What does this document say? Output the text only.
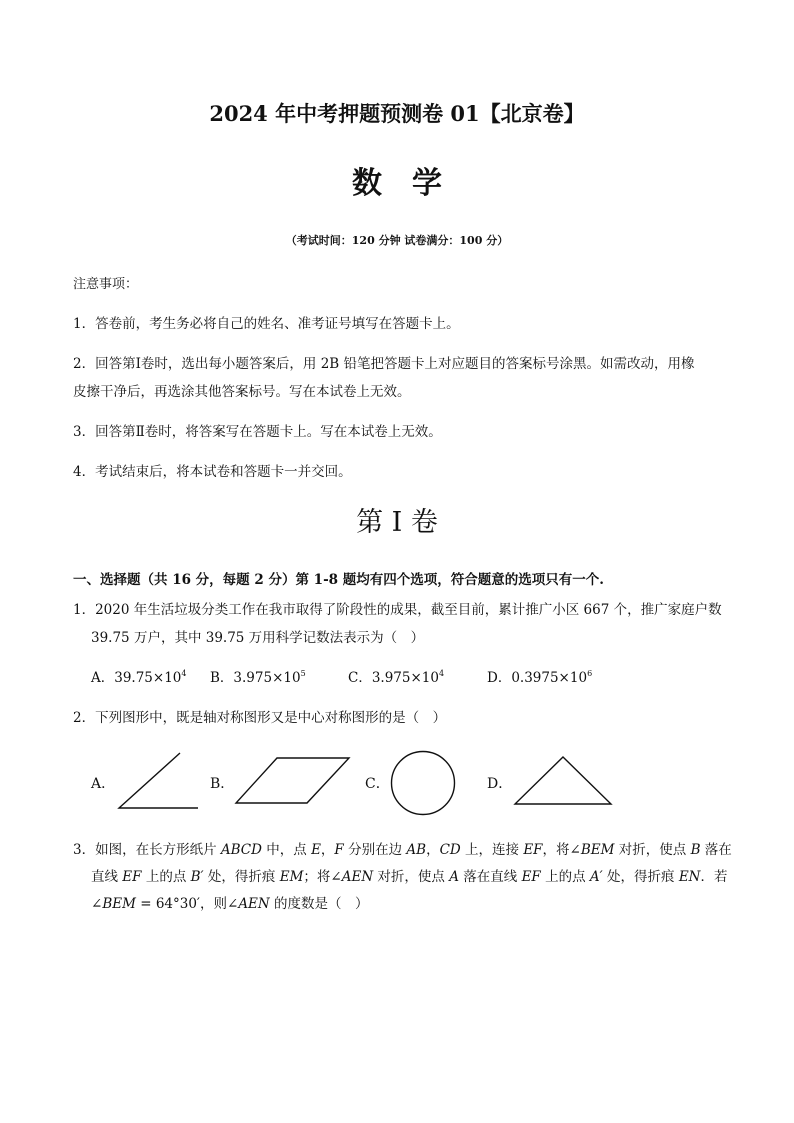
2024 年中考押题预测卷 01【北京卷】
数学
（考试时间：120 分钟 试卷满分：100 分）
注意事项：
1．答卷前，考生务必将自己的姓名、准考证号填写在答题卡上。
2．回答第Ⅰ卷时，选出每小题答案后，用 2B 铅笔把答题卡上对应题目的答案标号涂黑。如需改动，用橡
皮擦干净后，再选涂其他答案标号。写在本试卷上无效。
3．回答第Ⅱ卷时，将答案写在答题卡上。写在本试卷上无效。
4．考试结束后，将本试卷和答题卡一并交回。
第 I 卷
一、选择题（共 16 分，每题 2 分）第 1-8 题均有四个选项，符合题意的选项只有一个.
1．2020 年生活垃圾分类工作在我市取得了阶段性的成果，截至目前，累计推广小区 667 个，推广家庭户数
39.75 万户，其中 39.75 万用科学记数法表示为（　）
A．$39.75\times 10^4$ B．$3.975\times 10^5$	C．$3.975\times 10^4$	D．$0.3975\times 10^6$
2．下列图形中，既是轴对称图形又是中心对称图形的是（　）
A．	B．	C．	D．
3．如图，在长方形纸片 ABCD 中，点 E，F 分别在边 AB，CD 上，连接 EF，将∠BEM 对折，使点 B 落在
直线 EF 上的点 B′ 处，得折痕 EM；将∠AEN 对折，使点 A 落在直线 EF 上的点 A′ 处，得折痕 EN．若
∠BEM = 64°30′，则∠AEN 的度数是（　）
